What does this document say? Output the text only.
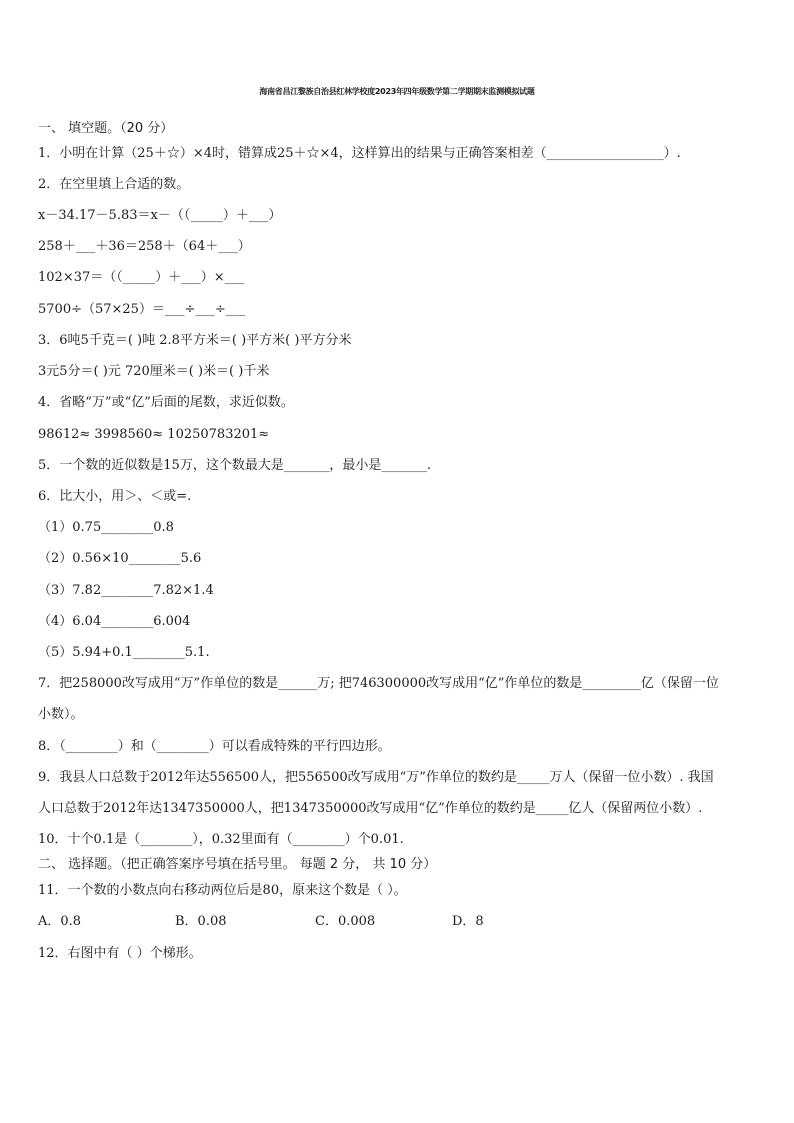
海南省昌江黎族自治县红林学校度2023年四年级数学第二学期期末监测模拟试题
一、 填空题。（20 分）
1．小明在计算（25＋☆）×4时，错算成25＋☆×4，这样算出的结果与正确答案相差（__________________）.
2．在空里填上合适的数。
x－34.17－5.83＝x－（（_____）＋___）
258＋___＋36＝258＋（64＋___）
102×37＝（（_____）＋___）×___
5700÷（57×25）＝___÷___÷___
3．6吨5千克＝( )吨 2.8平方米＝( )平方米( )平方分米
3元5分＝( )元 720厘米＝( )米＝( )千米
4．省略“万”或“亿”后面的尾数，求近似数。
98612≈ 3998560≈ 10250783201≈
5．一个数的近似数是15万，这个数最大是_______，最小是_______.
6．比大小，用＞、＜或=.
（1）0.75________0.8
（2）0.56×10________5.6
（3）7.82________7.82×1.4
（4）6.04________6.004
（5）5.94+0.1________5.1.
7．把258000改写成用“万”作单位的数是______万; 把746300000改写成用“亿”作单位的数是_________亿（保留一位
小数）。
8．（________）和（________）可以看成特殊的平行四边形。
9．我县人口总数于2012年达556500人，把556500改写成用“万”作单位的数约是_____万人（保留一位小数）. 我国
人口总数于2012年达1347350000人，把1347350000改写成用“亿”作单位的数约是_____亿人（保留两位小数）.
10．十个0.1是（________），0.32里面有（________）个0.01.
二、 选择题。（把正确答案序号填在括号里。 每题 2 分， 共 10 分）
11．一个数的小数点向右移动两位后是80，原来这个数是（ ）。
A．0.8	B．0.08	C．0.008	D．8
12．右图中有（ ）个梯形。
